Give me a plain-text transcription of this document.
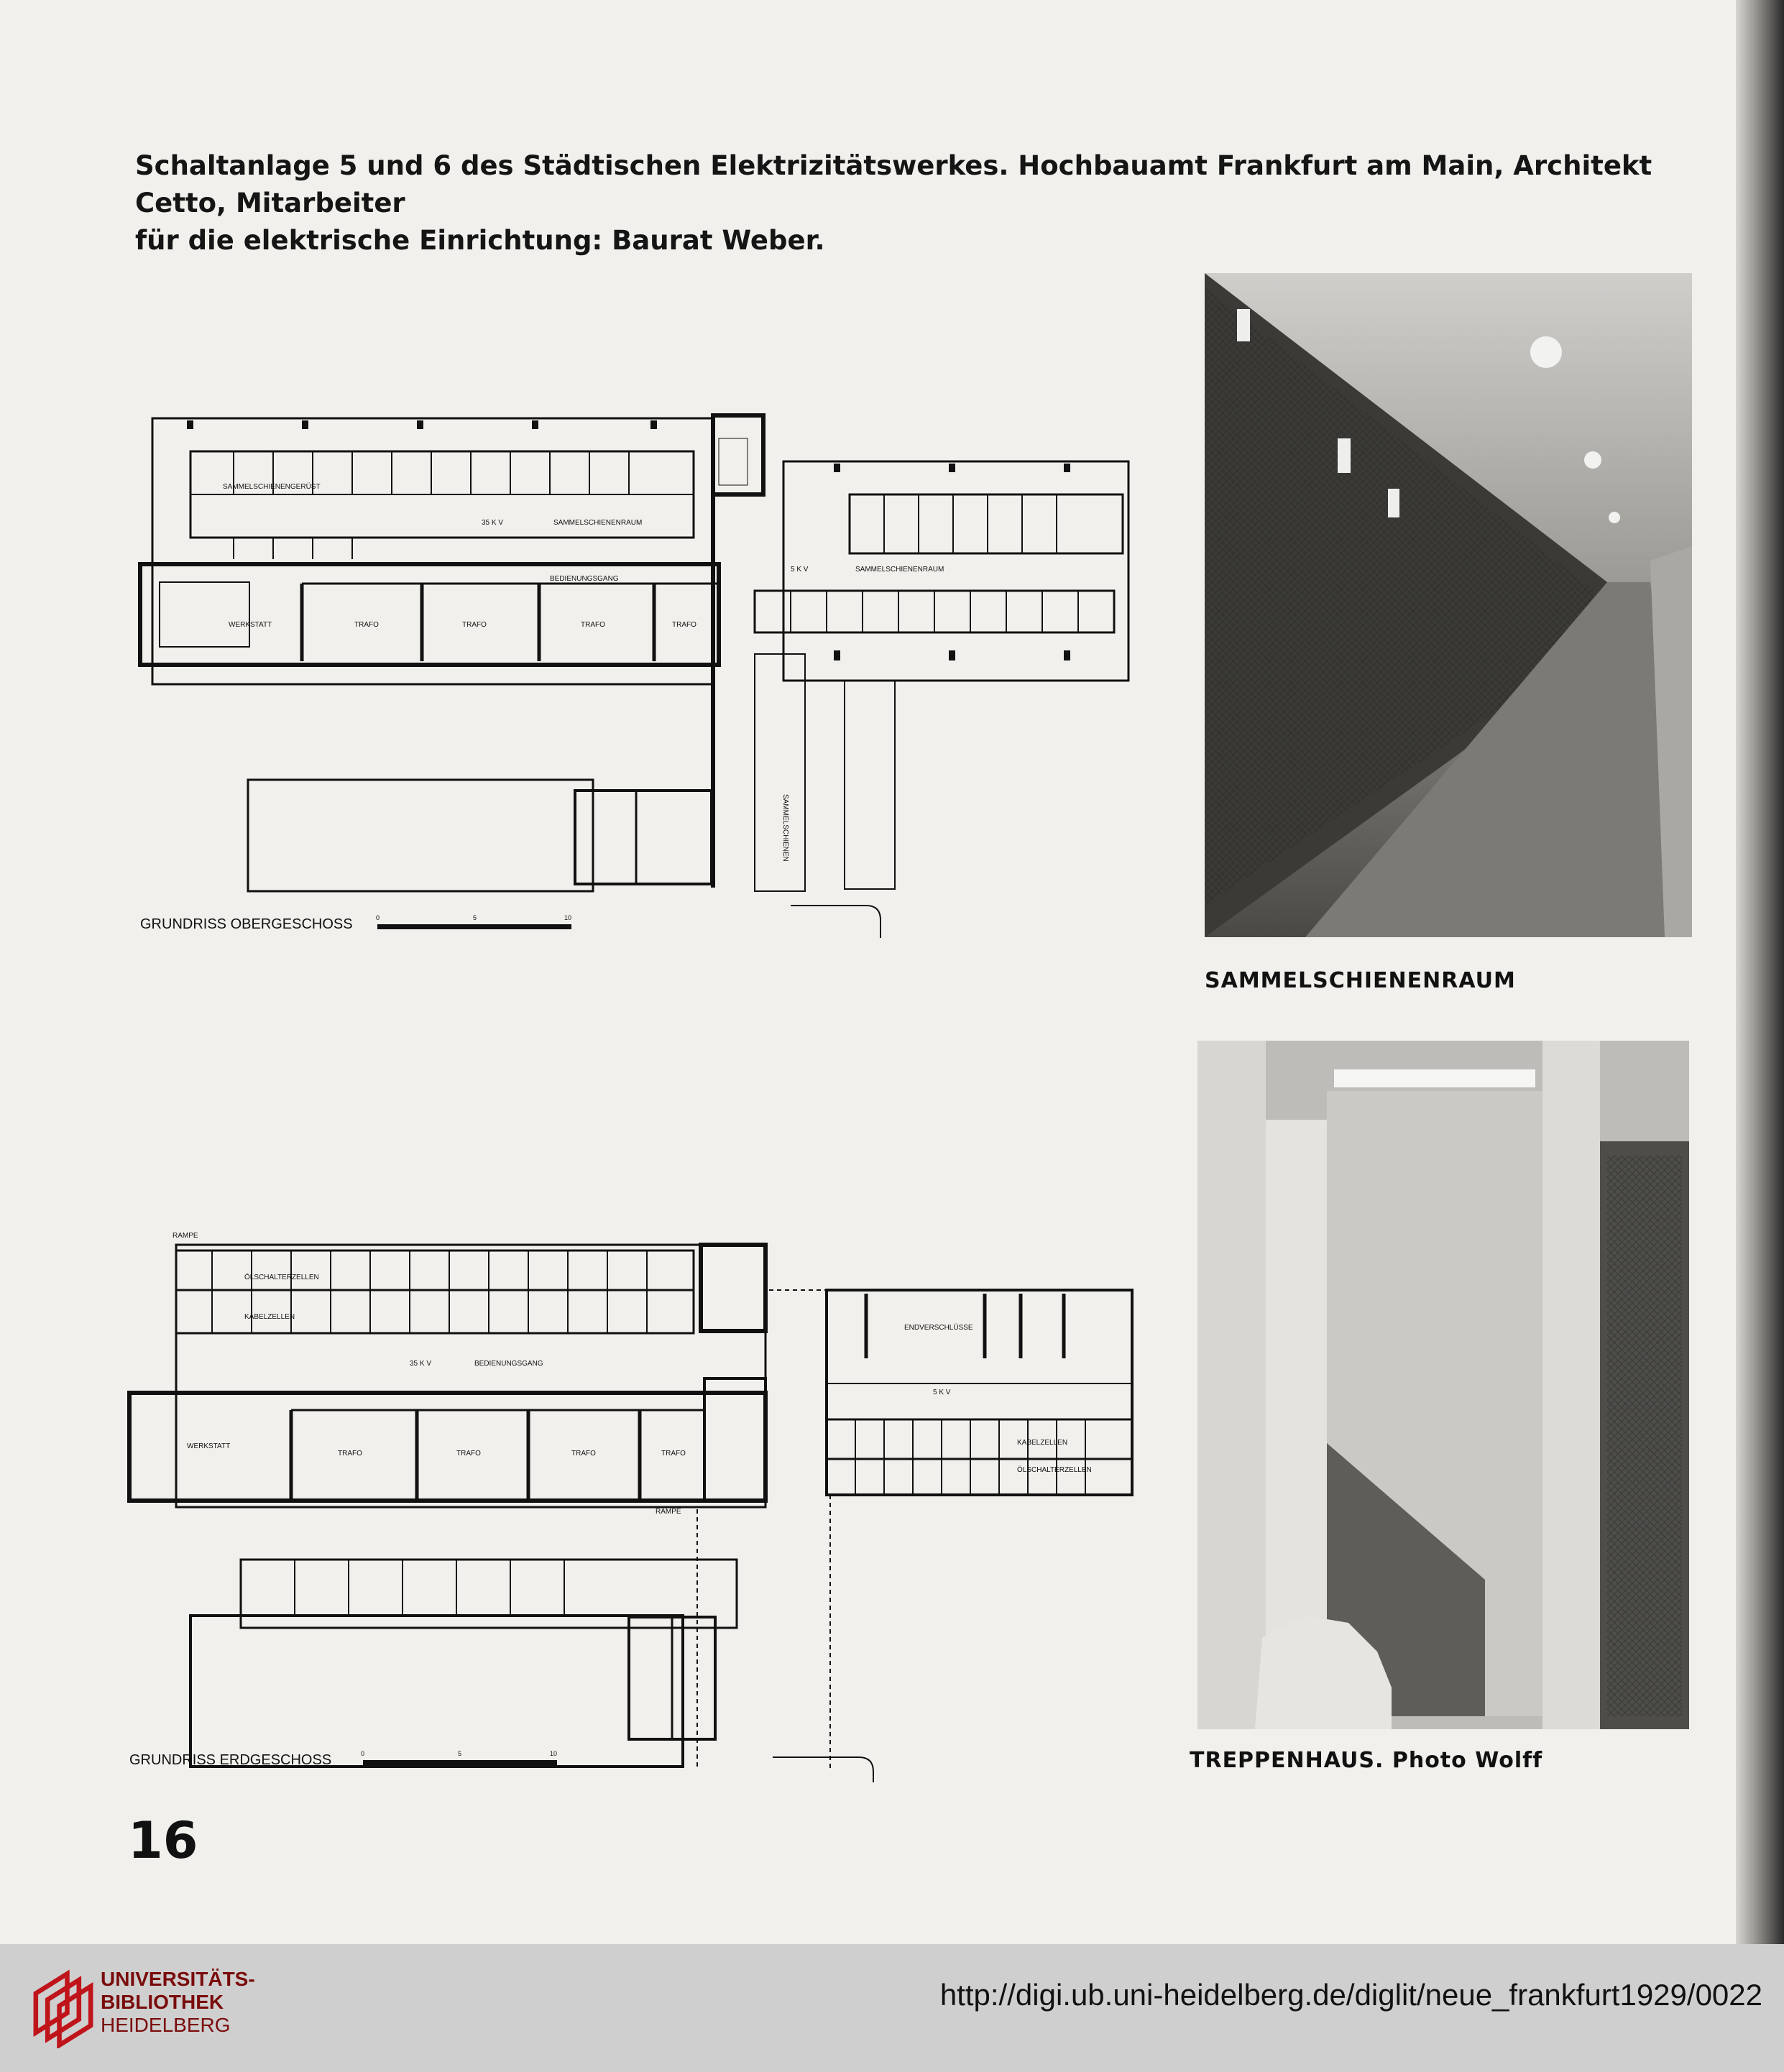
Schaltanlage 5 und 6 des Städtischen Elektrizitätswerkes. Hochbauamt Frankfurt am Main, Architekt Cetto, Mitarbeiter
für die elektrische Einrichtung: Baurat Weber.
SAMMELSCHIENENGERÜST
35 K V	SAMMELSCHIENENRAUM
BEDIENUNGSGANG
WERKSTATT	TRAFO	TRAFO	TRAFO	TRAFO
5 K V	SAMMELSCHIENENRAUM
SAMMELSCHIENEN
GRUNDRISS OBERGESCHOSS	0	5	10
RAMPE
ÖLSCHALTERZELLEN
KABELZELLEN
35 K V	BEDIENUNGSGANG
WERKSTATT
TRAFO	TRAFO	TRAFO	TRAFO
RAMPE
ENDVERSCHLÜSSE
5 K V
KABELZELLEN
ÖLSCHALTERZELLEN
GRUNDRISS ERDGESCHOSS	0	5	10
SAMMELSCHIENENRAUM
TREPPENHAUS. Photo Wolff
16
UNIVERSITÄTS-
BIBLIOTHEK
HEIDELBERG
http://digi.ub.uni-heidelberg.de/diglit/neue_frankfurt1929/0022
